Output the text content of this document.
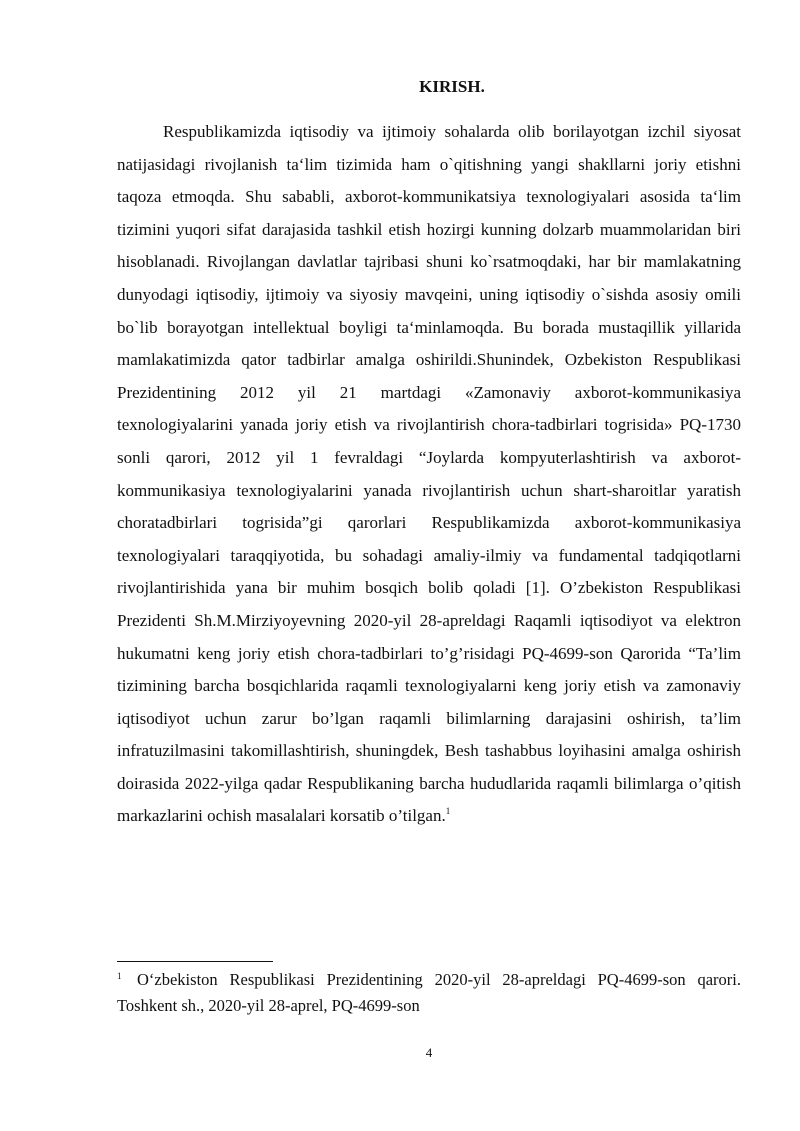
KIRISH.

Respublikamizda iqtisodiy va ijtimoiy sohalarda olib borilayotgan izchil siyosat natijasidagi rivojlanish ta‘lim tizimida ham o`qitishning yangi shakllarni joriy etishni taqoza etmoqda. Shu sababli, axborot-kommunikatsiya texnologiyalari asosida ta‘lim tizimini yuqori sifat darajasida tashkil etish hozirgi kunning dolzarb muammolaridan biri hisoblanadi. Rivojlangan davlatlar tajribasi shuni ko`rsatmoqdaki, har bir mamlakatning dunyodagi iqtisodiy, ijtimoiy va siyosiy mavqeini, uning iqtisodiy o`sishda asosiy omili bo`lib borayotgan intellektual boyligi ta‘minlamoqda. Bu borada mustaqillik yillarida mamlakatimizda qator tadbirlar amalga oshirildi.Shunindek, Ozbekiston Respublikasi Prezidentining 2012 yil 21 martdagi «Zamonaviy axborot-kommunikasiya texnologiyalarini yanada joriy etish va rivojlantirish chora-tadbirlari togrisida» PQ-1730 sonli qarori, 2012 yil 1 fevraldagi “Joylarda kompyuterlashtirish va axborot-kommunikasiya texnologiyalarini yanada rivojlantirish uchun shart-sharoitlar yaratish choratadbirlari togrisida”gi qarorlari Respublikamizda axborot-kommunikasiya texnologiyalari taraqqiyotida, bu sohadagi amaliy-ilmiy va fundamental tadqiqotlarni rivojlantirishida yana bir muhim bosqich bolib qoladi [1]. O’zbekiston Respublikasi Prezidenti Sh.M.Mirziyoyevning 2020-yil 28-apreldagi Raqamli iqtisodiyot va elektron hukumatni keng joriy etish chora-tadbirlari to’g’risidagi PQ-4699-son Qarorida “Ta’lim tizimining barcha bosqichlarida raqamli texnologiyalarni keng joriy etish va zamonaviy iqtisodiyot uchun zarur bo’lgan raqamli bilimlarning darajasini oshirish, ta’lim infratuzilmasini takomillashtirish, shuningdek, Besh tashabbus loyihasini amalga oshirish doirasida 2022-yilga qadar Respublikaning barcha hududlarida raqamli bilimlarga o’qitish markazlarini ochish masalalari korsatib o’tilgan.$^1$

$^1$ O‘zbekiston Respublikasi Prezidentining 2020-yil 28-apreldagi PQ-4699-son qarori. Toshkent sh., 2020-yil 28-aprel, PQ-4699-son

4
